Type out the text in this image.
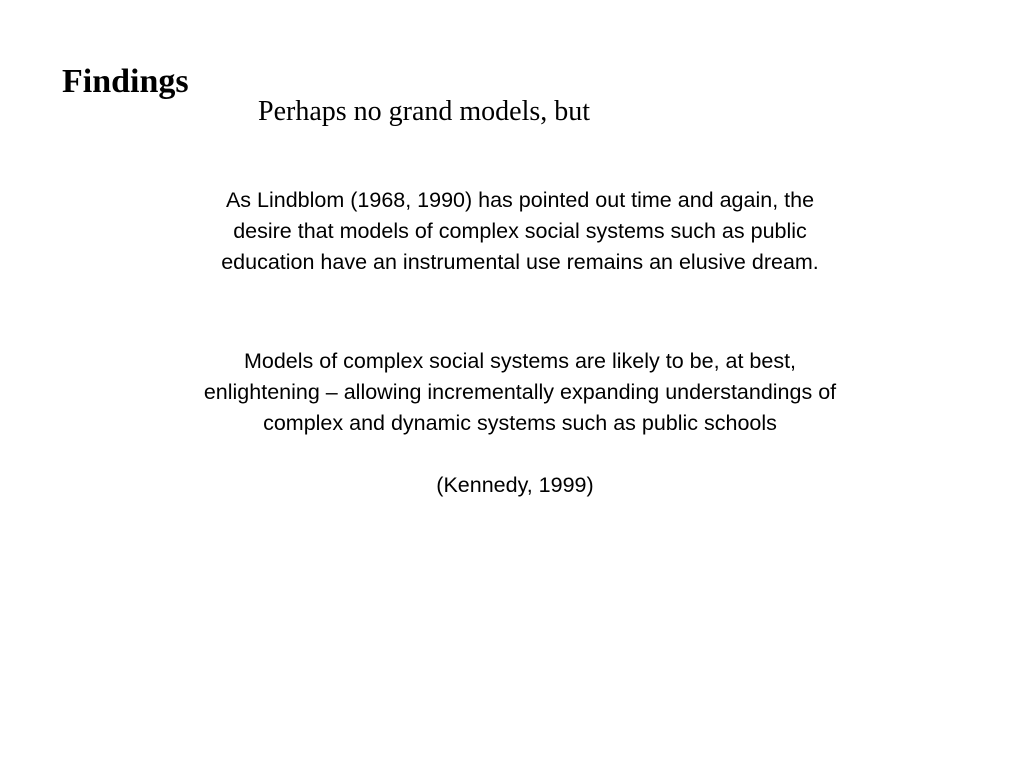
Findings
Perhaps no grand models, but
As Lindblom (1968, 1990) has pointed out time and again, the
desire that models of complex social systems such as public
education have an instrumental use remains an elusive dream.
Models of complex social systems are likely to be, at best,
enlightening – allowing incrementally expanding understandings of
complex and dynamic systems such as public schools
(Kennedy, 1999)
